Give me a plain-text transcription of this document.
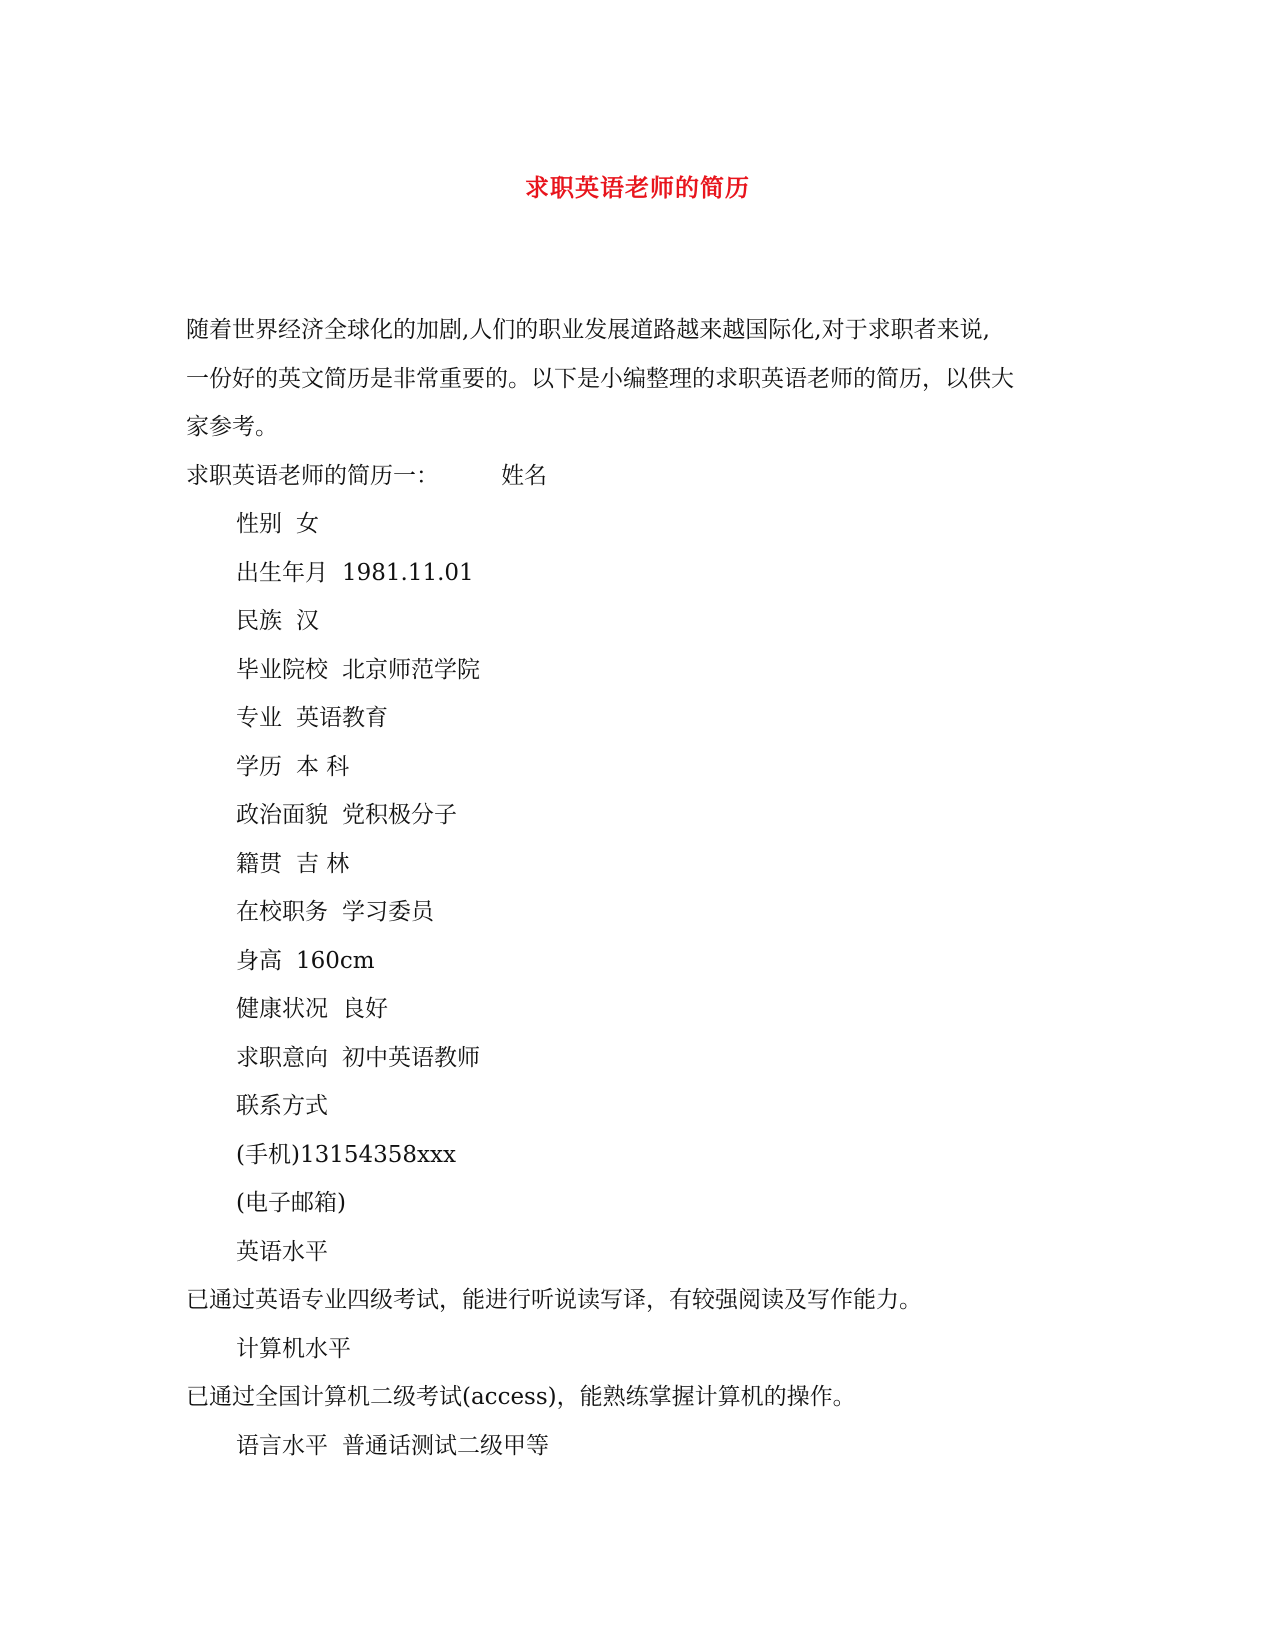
求职英语老师的简历
随着世界经济全球化的加剧,人们的职业发展道路越来越国际化,对于求职者来说,
一份好的英文简历是非常重要的。以下是小编整理的求职英语老师的简历，以供大
家参考。
求职英语老师的简历一：	姓名
性别 女
出生年月 1981.11.01
民族 汉
毕业院校 北京师范学院
专业 英语教育
学历 本 科
政治面貌 党积极分子
籍贯 吉 林
在校职务 学习委员
身高 160cm
健康状况 良好
求职意向 初中英语教师
联系方式
(手机)13154358xxx
(电子邮箱)
英语水平
已通过英语专业四级考试，能进行听说读写译，有较强阅读及写作能力。
计算机水平
已通过全国计算机二级考试(access)，能熟练掌握计算机的操作。
语言水平 普通话测试二级甲等
